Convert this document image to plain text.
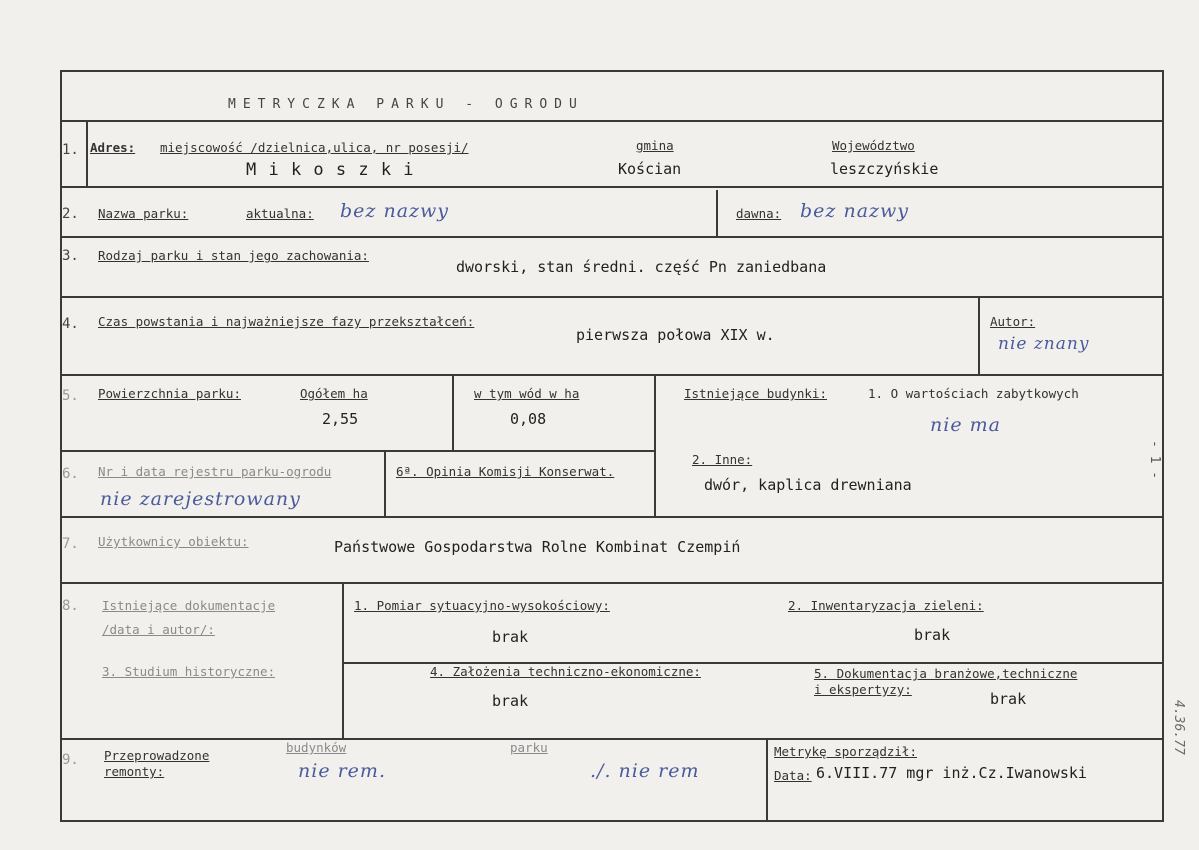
METRYCZKA PARKU - OGRODU
1. Adres: miejscowość /dzielnica,ulica, nr posesji/	gmina	Województwo
M i k o s z k i	Kościan	leszczyńskie
2. Nazwa parku:	aktualna: bez nazwy	dawna: bez nazwy
3. Rodzaj parku i stan jego zachowania:
dworski, stan średni. część Pn zaniedbana
4. Czas powstania i najważniejsze fazy przekształceń:
pierwsza połowa XIX w.
Autor:
nie znany
5. Powierzchnia parku:	Ogółem ha
2,55
w tym wód w ha
0,08
Istniejące budynki:	1. O wartościach zabytkowych
nie ma
6. Nr i data rejestru parku-ogrodu
nie zarejestrowany
6ª. Opinia Komisji Konserwat.
2. Inne:
dwór, kaplica drewniana
7. Użytkownicy obiektu:	Państwowe Gospodarstwa Rolne Kombinat Czempiń
8. Istniejące dokumentacje
/data i autor/:
1. Pomiar sytuacyjno-wysokościowy:
brak
2. Inwentaryzacja zieleni:
brak
3. Studium historyczne:	4. Założenia techniczno-ekonomiczne:
brak
5. Dokumentacja branżowe,techniczne
i ekspertyzy:
brak
9. Przeprowadzone
remonty:
budynków
nie rem.
parku
./. nie rem
Metrykę sporządził:
Data: 6.VIII.77 mgr inż.Cz.Iwanowski
- 1 -
4.36.77
